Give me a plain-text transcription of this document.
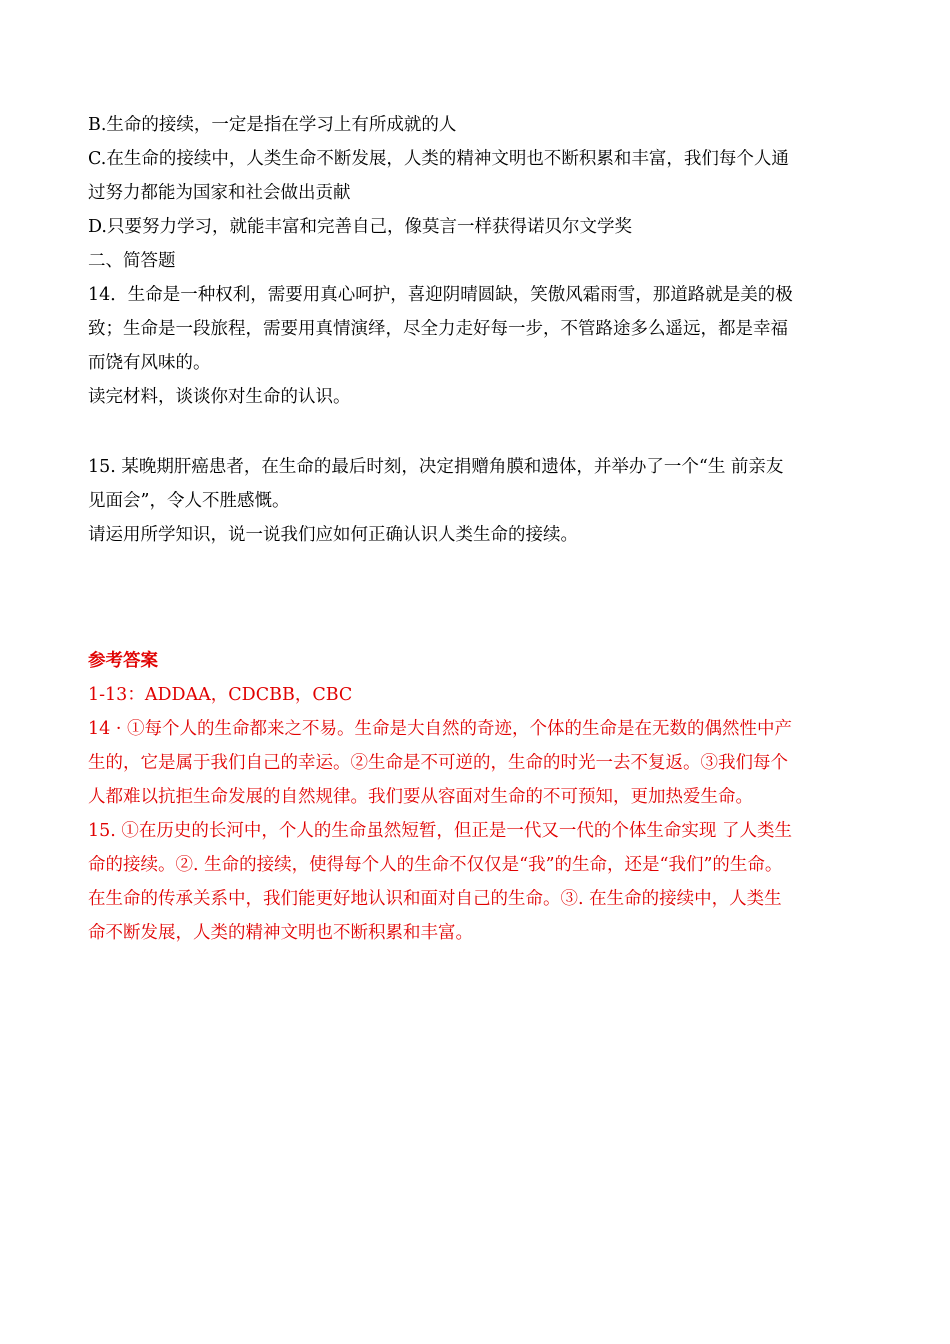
B.生命的接续，一定是指在学习上有所成就的人
C.在生命的接续中，人类生命不断发展，人类的精神文明也不断积累和丰富，我们每个人通
过努力都能为国家和社会做出贡献
D.只要努力学习，就能丰富和完善自己，像莫言一样获得诺贝尔文学奖
二、简答题
14．生命是一种权利，需要用真心呵护，喜迎阴晴圆缺，笑傲风霜雨雪，那道路就是美的极
致；生命是一段旅程，需要用真情演绎，尽全力走好每一步，不管路途多么遥远，都是幸福
而饶有风味的。
读完材料，谈谈你对生命的认识。
15. 某晚期肝癌患者，在生命的最后时刻，决定捐赠角膜和遗体，并举办了一个“生 前亲友
见面会”，令人不胜感慨。
请运用所学知识，说一说我们应如何正确认识人类生命的接续。
参考答案
1-13：ADDAA，CDCBB，CBC
14 · ①每个人的生命都来之不易。生命是大自然的奇迹，个体的生命是在无数的偶然性中产
生的，它是属于我们自己的幸运。②生命是不可逆的，生命的时光一去不复返。③我们每个
人都难以抗拒生命发展的自然规律。我们要从容面对生命的不可预知，更加热爱生命。
15. ①在历史的长河中，个人的生命虽然短暂，但正是一代又一代的个体生命实现 了人类生
命的接续。②. 生命的接续，使得每个人的生命不仅仅是“我”的生命，还是“我们”的生命。
在生命的传承关系中，我们能更好地认识和面对自己的生命。③. 在生命的接续中，人类生
命不断发展，人类的精神文明也不断积累和丰富。
